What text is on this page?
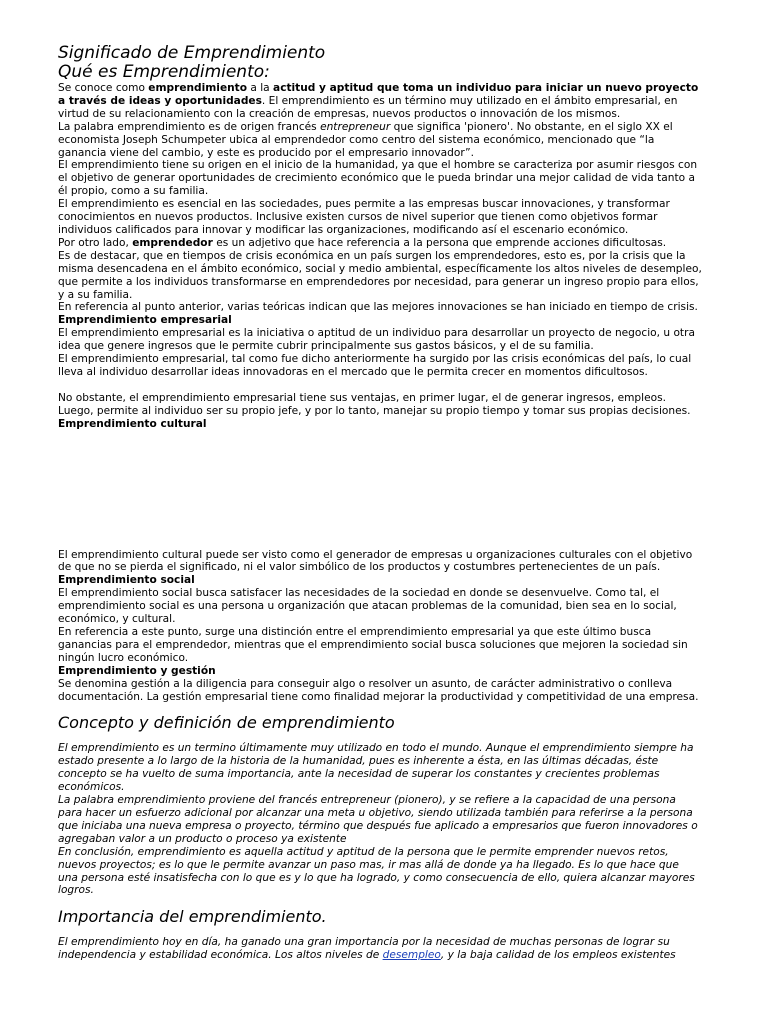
Significado de Emprendimiento
Qué es Emprendimiento:

Se conoce como emprendimiento a la actitud y aptitud que toma un individuo para iniciar un nuevo proyecto a través de ideas y oportunidades. El emprendimiento es un término muy utilizado en el ámbito empresarial, en virtud de su relacionamiento con la creación de empresas, nuevos productos o innovación de los mismos.

La palabra emprendimiento es de origen francés entrepreneur que significa 'pionero'. No obstante, en el siglo XX el economista Joseph Schumpeter ubica al emprendedor como centro del sistema económico, mencionado que “la ganancia viene del cambio, y este es producido por el empresario innovador”.

El emprendimiento tiene su origen en el inicio de la humanidad, ya que el hombre se caracteriza por asumir riesgos con el objetivo de generar oportunidades de crecimiento económico que le pueda brindar una mejor calidad de vida tanto a él propio, como a su familia.

El emprendimiento es esencial en las sociedades, pues permite a las empresas buscar innovaciones, y transformar conocimientos en nuevos productos. Inclusive existen cursos de nivel superior que tienen como objetivos formar individuos calificados para innovar y modificar las organizaciones, modificando así el escenario económico.

Por otro lado, emprendedor es un adjetivo que hace referencia a la persona que emprende acciones dificultosas.

Es de destacar, que en tiempos de crisis económica en un país surgen los emprendedores, esto es, por la crisis que la misma desencadena en el ámbito económico, social y medio ambiental, específicamente los altos niveles de desempleo, que permite a los individuos transformarse en emprendedores por necesidad, para generar un ingreso propio para ellos, y a su familia.

En referencia al punto anterior, varias teóricas indican que las mejores innovaciones se han iniciado en tiempo de crisis.

Emprendimiento empresarial

El emprendimiento empresarial es la iniciativa o aptitud de un individuo para desarrollar un proyecto de negocio, u otra idea que genere ingresos que le permite cubrir principalmente sus gastos básicos, y el de su familia.

El emprendimiento empresarial, tal como fue dicho anteriormente ha surgido por las crisis económicas del país, lo cual lleva al individuo desarrollar ideas innovadoras en el mercado que le permita crecer en momentos dificultosos.

No obstante, el emprendimiento empresarial tiene sus ventajas, en primer lugar, el de generar ingresos, empleos. Luego, permite al individuo ser su propio jefe, y por lo tanto, manejar su propio tiempo y tomar sus propias decisiones.

Emprendimiento cultural

El emprendimiento cultural puede ser visto como el generador de empresas u organizaciones culturales con el objetivo de que no se pierda el significado, ni el valor simbólico de los productos y costumbres pertenecientes de un país.

Emprendimiento social

El emprendimiento social busca satisfacer las necesidades de la sociedad en donde se desenvuelve. Como tal, el emprendimiento social es una persona u organización que atacan problemas de la comunidad, bien sea en lo social, económico, y cultural.

En referencia a este punto, surge una distinción entre el emprendimiento empresarial ya que este último busca ganancias para el emprendedor, mientras que el emprendimiento social busca soluciones que mejoren la sociedad sin ningún lucro económico.

Emprendimiento y gestión

Se denomina gestión a la diligencia para conseguir algo o resolver un asunto, de carácter administrativo o conlleva documentación. La gestión empresarial tiene como finalidad mejorar la productividad y competitividad de una empresa.

Concepto y definición de emprendimiento

El emprendimiento es un termino últimamente muy utilizado en todo el mundo. Aunque el emprendimiento siempre ha estado presente a lo largo de la historia de la humanidad, pues es inherente a ésta, en las últimas décadas, éste concepto se ha vuelto de suma importancia, ante la necesidad de superar los constantes y crecientes problemas económicos.

La palabra emprendimiento proviene del francés entrepreneur (pionero), y se refiere a la capacidad de una persona para hacer un esfuerzo adicional por alcanzar una meta u objetivo, siendo utilizada también para referirse a la persona que iniciaba una nueva empresa o proyecto, término que después fue aplicado a empresarios que fueron innovadores o agregaban valor a un producto o proceso ya existente

En conclusión, emprendimiento es aquella actitud y aptitud de la persona que le permite emprender nuevos retos, nuevos proyectos; es lo que le permite avanzar un paso mas, ir mas allá de donde ya ha llegado. Es lo que hace que una persona esté insatisfecha con lo que es y lo que ha logrado, y como consecuencia de ello, quiera alcanzar mayores logros.

Importancia del emprendimiento.

El emprendimiento hoy en día, ha ganado una gran importancia por la necesidad de muchas personas de lograr su independencia y estabilidad económica. Los altos niveles de desempleo, y la baja calidad de los empleos existentes
